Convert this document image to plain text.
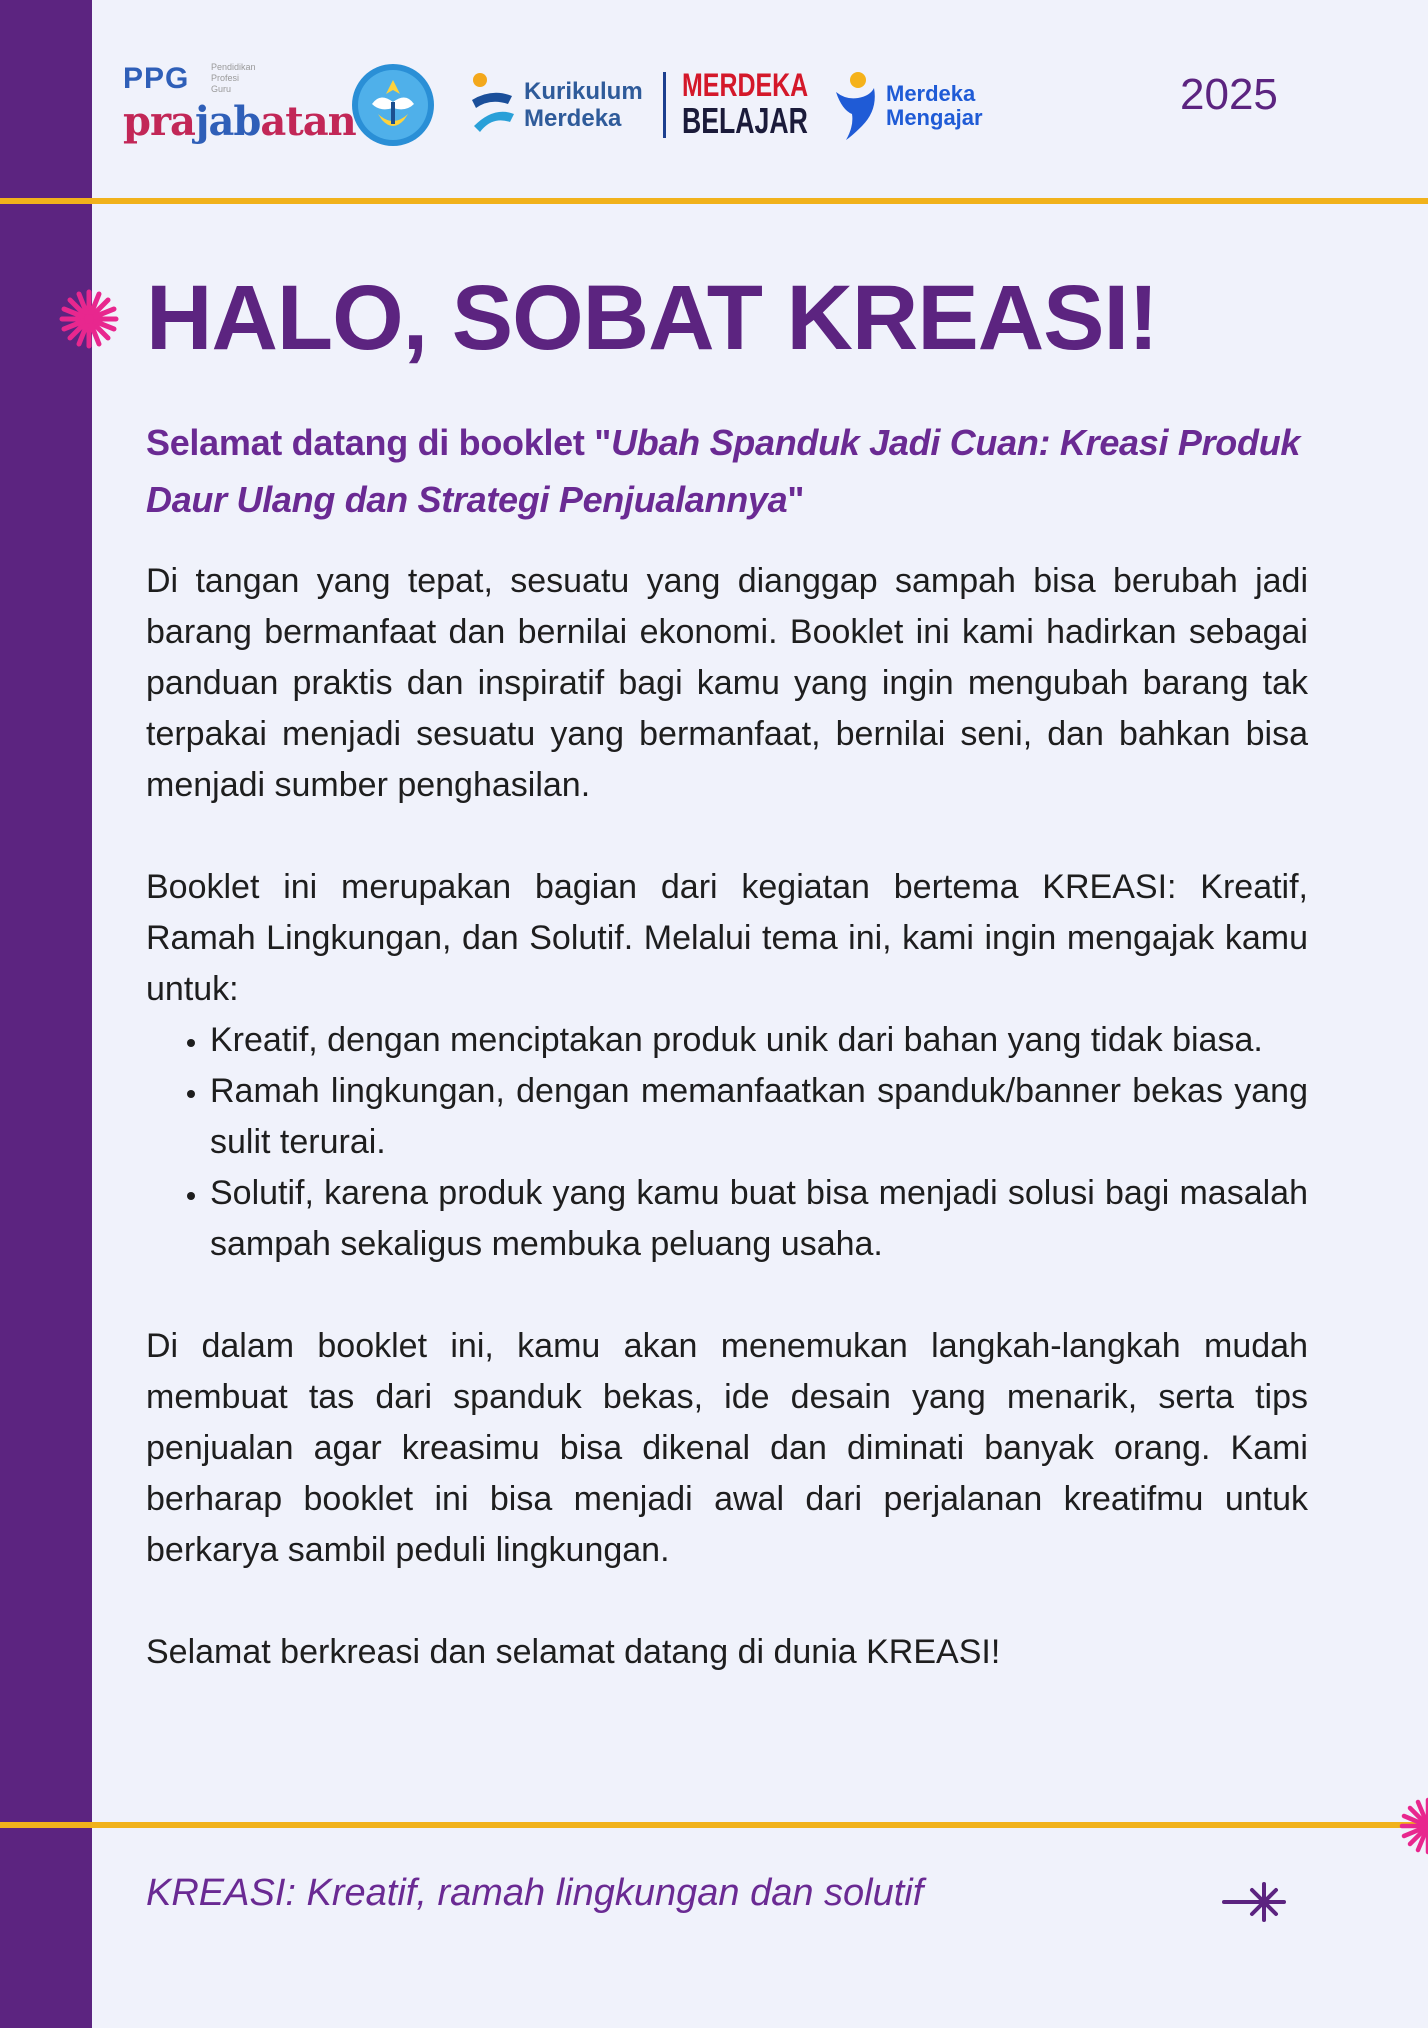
PPG Pendidikan
Profesi
Guru
prajabatan
Kurikulum
Merdeka
MERDEKA
BELAJAR
Merdeka
Mengajar	2025
HALO, SOBAT KREASI!

Selamat datang di booklet "Ubah Spanduk Jadi Cuan: Kreasi Produk Daur Ulang dan Strategi Penjualannya"

Di tangan yang tepat, sesuatu yang dianggap sampah bisa berubah jadi barang bermanfaat dan bernilai ekonomi. Booklet ini kami hadirkan sebagai panduan praktis dan inspiratif bagi kamu yang ingin mengubah barang tak terpakai menjadi sesuatu yang bermanfaat, bernilai seni, dan bahkan bisa menjadi sumber penghasilan.

Booklet ini merupakan bagian dari kegiatan bertema KREASI: Kreatif, Ramah Lingkungan, dan Solutif. Melalui tema ini, kami ingin mengajak kamu untuk:

• Kreatif, dengan menciptakan produk unik dari bahan yang tidak biasa.
• Ramah lingkungan, dengan memanfaatkan spanduk/banner bekas yang sulit terurai.
• Solutif, karena produk yang kamu buat bisa menjadi solusi bagi masalah sampah sekaligus membuka peluang usaha.

Di dalam booklet ini, kamu akan menemukan langkah-langkah mudah membuat tas dari spanduk bekas, ide desain yang menarik, serta tips penjualan agar kreasimu bisa dikenal dan diminati banyak orang. Kami berharap booklet ini bisa menjadi awal dari perjalanan kreatifmu untuk berkarya sambil peduli lingkungan.

Selamat berkreasi dan selamat datang di dunia KREASI!

KREASI: Kreatif, ramah lingkungan dan solutif
